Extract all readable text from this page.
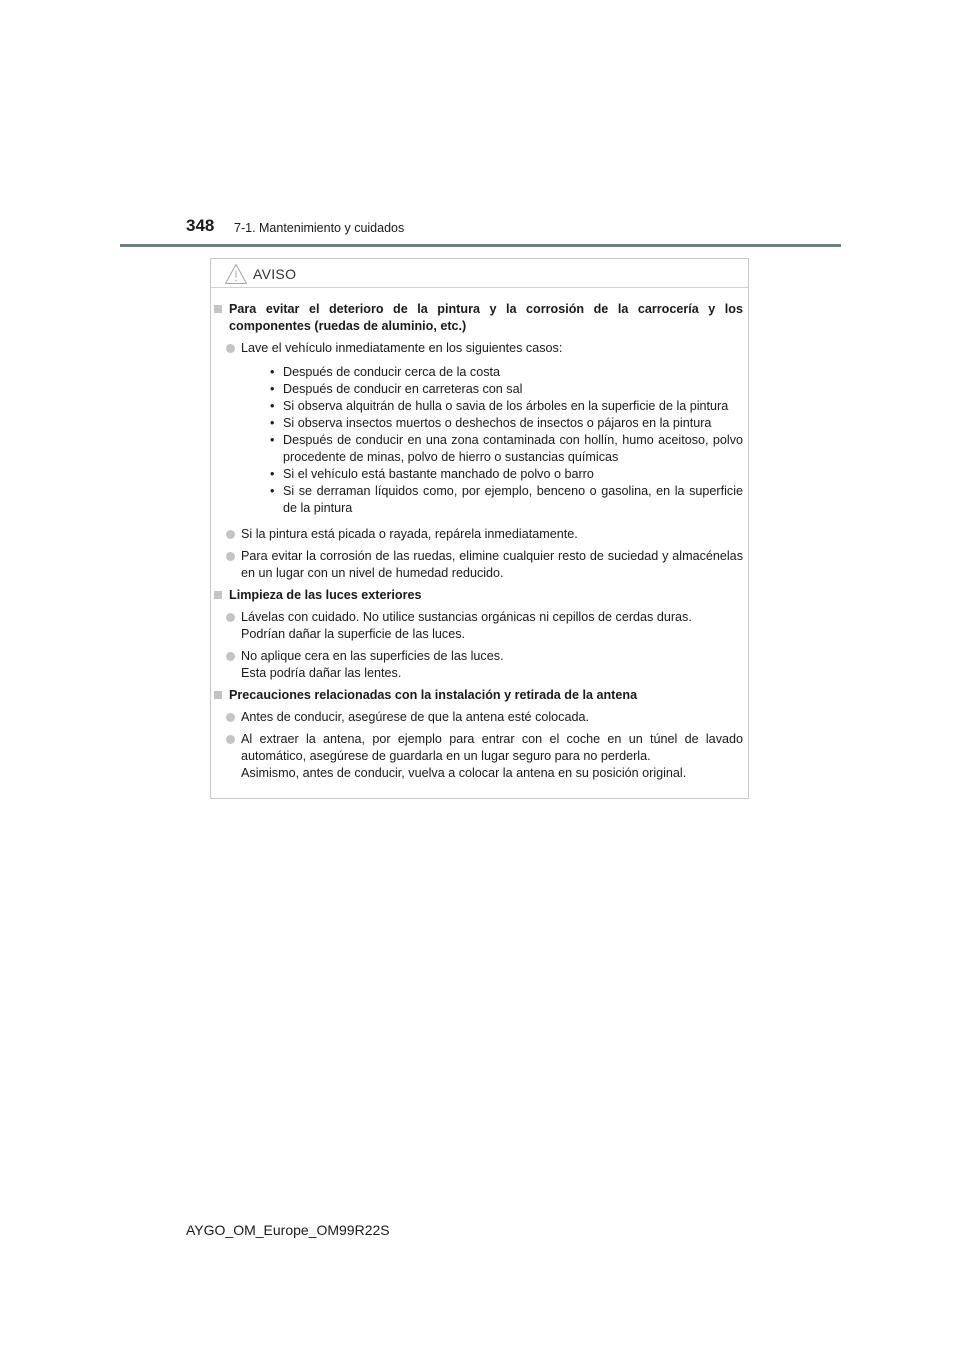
348 7-1. Mantenimiento y cuidados
AVISO
Para evitar el deterioro de la pintura y la corrosión de la carrocería y los componentes (ruedas de aluminio, etc.)
Lave el vehículo inmediatamente en los siguientes casos:
• Después de conducir cerca de la costa
• Después de conducir en carreteras con sal
• Si observa alquitrán de hulla o savia de los árboles en la superficie de la pintura
• Si observa insectos muertos o deshechos de insectos o pájaros en la pintura
• Después de conducir en una zona contaminada con hollín, humo aceitoso, polvo procedente de minas, polvo de hierro o sustancias químicas
• Si el vehículo está bastante manchado de polvo o barro
• Si se derraman líquidos como, por ejemplo, benceno o gasolina, en la superficie de la pintura
Si la pintura está picada o rayada, repárela inmediatamente.
Para evitar la corrosión de las ruedas, elimine cualquier resto de suciedad y almacénelas en un lugar con un nivel de humedad reducido.
Limpieza de las luces exteriores
Lávelas con cuidado. No utilice sustancias orgánicas ni cepillos de cerdas duras.
Podrían dañar la superficie de las luces.
No aplique cera en las superficies de las luces.
Esta podría dañar las lentes.
Precauciones relacionadas con la instalación y retirada de la antena
Antes de conducir, asegúrese de que la antena esté colocada.
Al extraer la antena, por ejemplo para entrar con el coche en un túnel de lavado automático, asegúrese de guardarla en un lugar seguro para no perderla.
Asimismo, antes de conducir, vuelva a colocar la antena en su posición original.
AYGO_OM_Europe_OM99R22S
